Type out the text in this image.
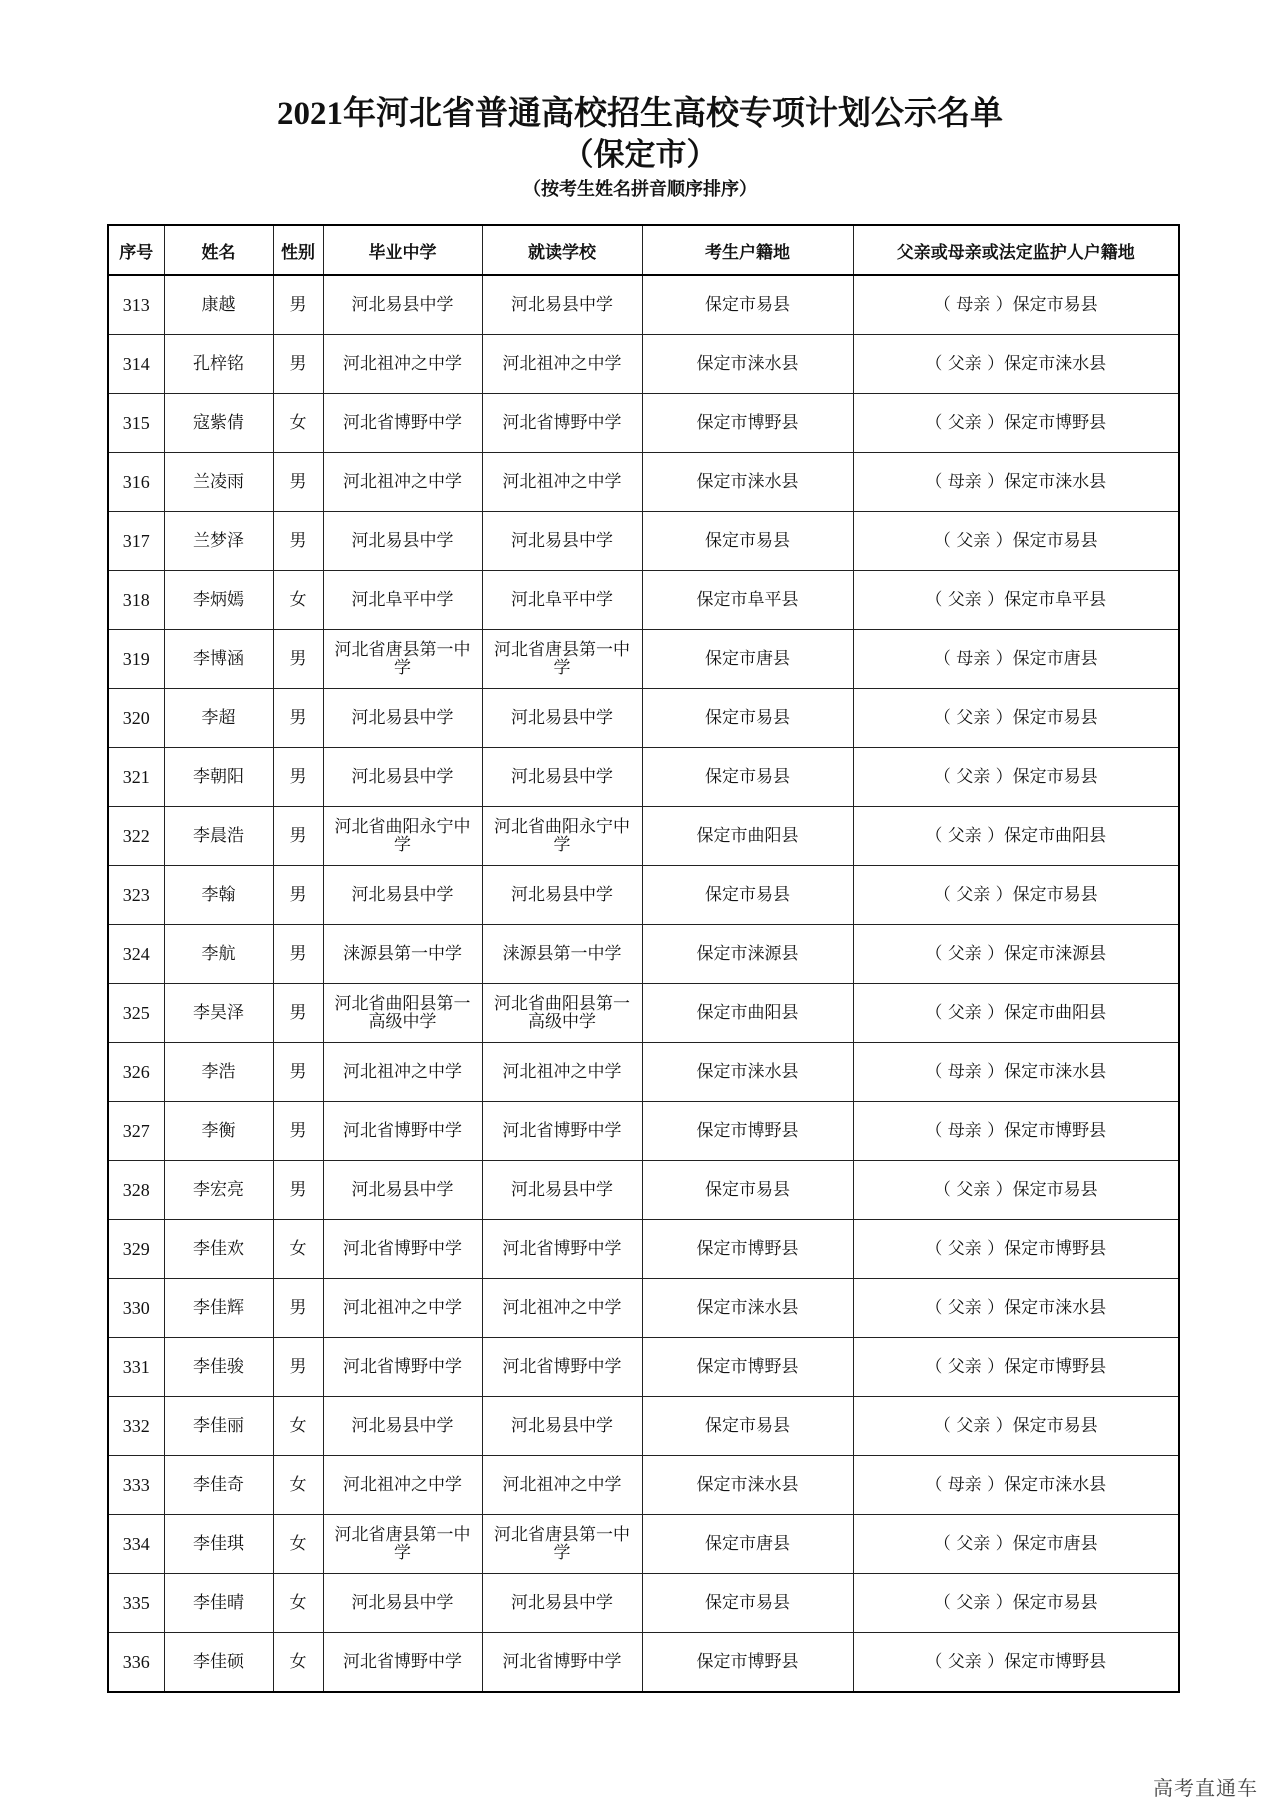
2021年河北省普通高校招生高校专项计划公示名单
（保定市）
（按考生姓名拼音顺序排序）
序号	姓名	性别	毕业中学	就读学校	考生户籍地	父亲或母亲或法定监护人户籍地
313	康越	男	河北易县中学	河北易县中学	保定市易县	（ 母亲 ）保定市易县
314	孔梓铭	男	河北祖冲之中学	河北祖冲之中学	保定市涞水县	（ 父亲 ）保定市涞水县
315	寇紫倩	女	河北省博野中学	河北省博野中学	保定市博野县	（ 父亲 ）保定市博野县
316	兰凌雨	男	河北祖冲之中学	河北祖冲之中学	保定市涞水县	（ 母亲 ）保定市涞水县
317	兰梦泽	男	河北易县中学	河北易县中学	保定市易县	（ 父亲 ）保定市易县
318	李炳嫣	女	河北阜平中学	河北阜平中学	保定市阜平县	（ 父亲 ）保定市阜平县
319	李博涵	男	河北省唐县第一中学	河北省唐县第一中学	保定市唐县	（ 母亲 ）保定市唐县
320	李超	男	河北易县中学	河北易县中学	保定市易县	（ 父亲 ）保定市易县
321	李朝阳	男	河北易县中学	河北易县中学	保定市易县	（ 父亲 ）保定市易县
322	李晨浩	男	河北省曲阳永宁中学	河北省曲阳永宁中学	保定市曲阳县	（ 父亲 ）保定市曲阳县
323	李翰	男	河北易县中学	河北易县中学	保定市易县	（ 父亲 ）保定市易县
324	李航	男	涞源县第一中学	涞源县第一中学	保定市涞源县	（ 父亲 ）保定市涞源县
325	李昊泽	男	河北省曲阳县第一高级中学	河北省曲阳县第一高级中学	保定市曲阳县	（ 父亲 ）保定市曲阳县
326	李浩	男	河北祖冲之中学	河北祖冲之中学	保定市涞水县	（ 母亲 ）保定市涞水县
327	李衡	男	河北省博野中学	河北省博野中学	保定市博野县	（ 母亲 ）保定市博野县
328	李宏亮	男	河北易县中学	河北易县中学	保定市易县	（ 父亲 ）保定市易县
329	李佳欢	女	河北省博野中学	河北省博野中学	保定市博野县	（ 父亲 ）保定市博野县
330	李佳辉	男	河北祖冲之中学	河北祖冲之中学	保定市涞水县	（ 父亲 ）保定市涞水县
331	李佳骏	男	河北省博野中学	河北省博野中学	保定市博野县	（ 父亲 ）保定市博野县
332	李佳丽	女	河北易县中学	河北易县中学	保定市易县	（ 父亲 ）保定市易县
333	李佳奇	女	河北祖冲之中学	河北祖冲之中学	保定市涞水县	（ 母亲 ）保定市涞水县
334	李佳琪	女	河北省唐县第一中学	河北省唐县第一中学	保定市唐县	（ 父亲 ）保定市唐县
335	李佳晴	女	河北易县中学	河北易县中学	保定市易县	（ 父亲 ）保定市易县
336	李佳硕	女	河北省博野中学	河北省博野中学	保定市博野县	（ 父亲 ）保定市博野县
高考直通车
